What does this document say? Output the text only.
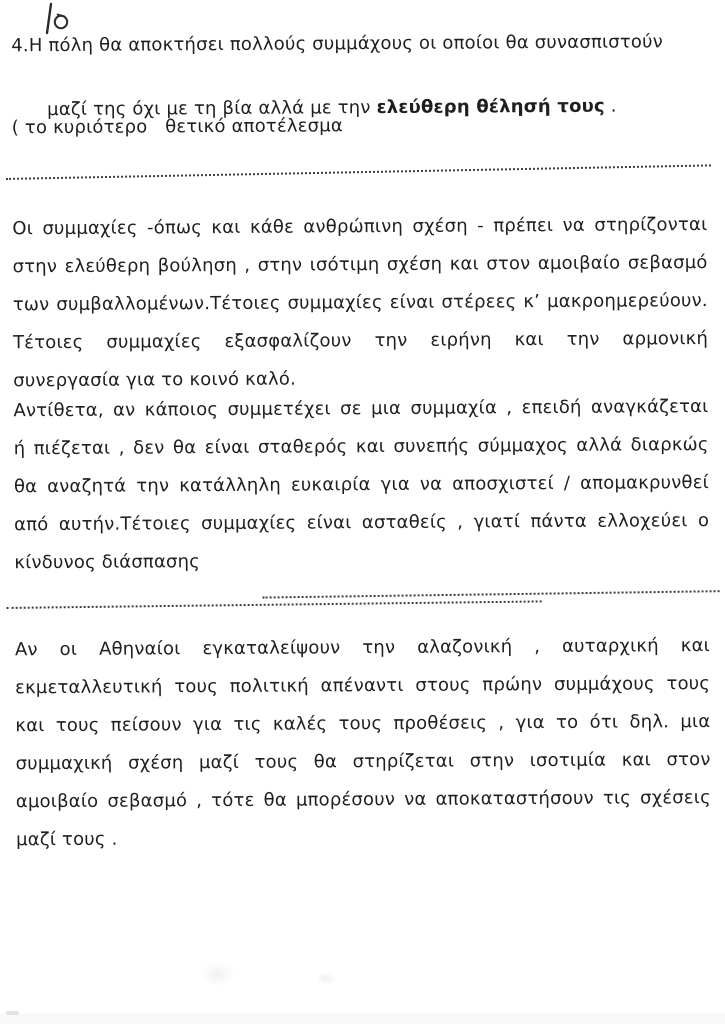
4.Η πόλη θα αποκτήσει πολλούς συμμάχους οι οποίοι θα συνασπιστούν

μαζί της όχι με τη βία αλλά με την ελεύθερη θέλησή τους .

( το κυριότερο   θετικό αποτέλεσμα
Οι συμμαχίες -όπως και κάθε ανθρώπινη σχέση - πρέπει να στηρίζονται
στην ελεύθερη βούληση , στην ισότιμη σχέση και στον αμοιβαίο σεβασμό
των συμβαλλομένων.Τέτοιες συμμαχίες είναι στέρεες κ’ μακροημερεύουν.
Τέτοιες συμμαχίες εξασφαλίζουν την ειρήνη και την αρμονική
συνεργασία για το κοινό καλό.
Αντίθετα, αν κάποιος συμμετέχει σε μια συμμαχία , επειδή αναγκάζεται
ή πιέζεται , δεν θα είναι σταθερός και συνεπής σύμμαχος αλλά διαρκώς
θα αναζητά την κατάλληλη ευκαιρία για να αποσχιστεί / απομακρυνθεί
από αυτήν.Τέτοιες συμμαχίες είναι ασταθείς , γιατί πάντα ελλοχεύει ο
κίνδυνος διάσπασης
Αν οι Αθηναίοι εγκαταλείψουν την αλαζονική , αυταρχική και
εκμεταλλευτική τους πολιτική απέναντι στους πρώην συμμάχους τους
και τους πείσουν για τις καλές τους προθέσεις , για το ότι δηλ. μια
συμμαχική σχέση μαζί τους θα στηρίζεται στην ισοτιμία και στον
αμοιβαίο σεβασμό , τότε θα μπορέσουν να αποκαταστήσουν τις σχέσεις
μαζί τους .
